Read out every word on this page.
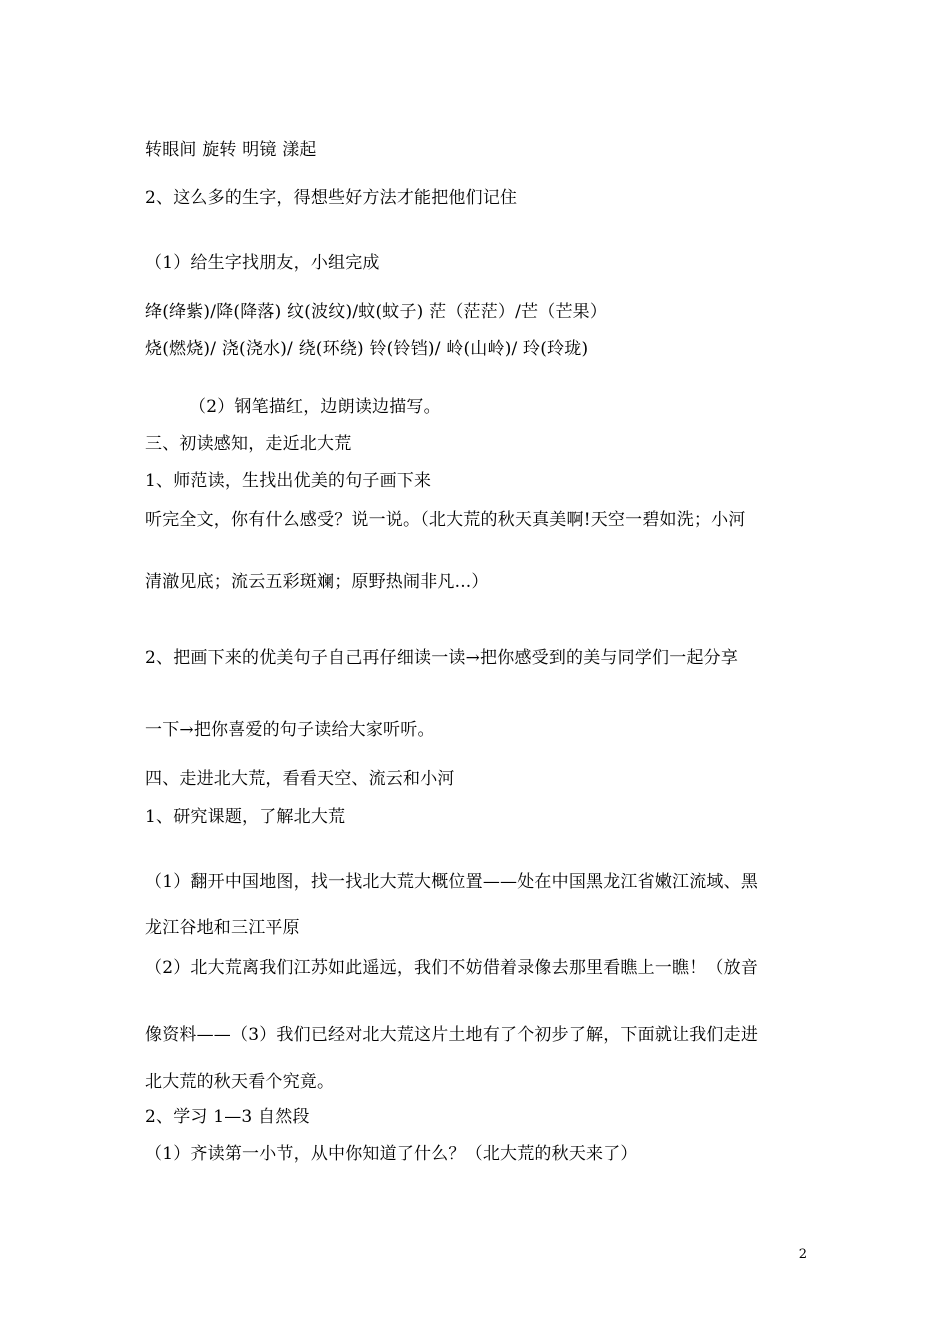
转眼间 旋转 明镜 漾起
2、这么多的生字，得想些好方法才能把他们记住
（1）给生字找朋友，小组完成
绛(绛紫)/降(降落) 纹(波纹)/蚊(蚊子) 茫（茫茫）/芒（芒果）
烧(燃烧)/ 浇(浇水)/ 绕(环绕) 铃(铃铛)/ 岭(山岭)/ 玲(玲珑)
（2）钢笔描红，边朗读边描写。
三、初读感知，走近北大荒
1、师范读，生找出优美的句子画下来
听完全文，你有什么感受？说一说。（北大荒的秋天真美啊!天空一碧如洗；小河
清澈见底；流云五彩斑斓；原野热闹非凡...）
2、把画下来的优美句子自己再仔细读一读→把你感受到的美与同学们一起分享
一下→把你喜爱的句子读给大家听听。
四、走进北大荒，看看天空、流云和小河
1、研究课题，了解北大荒
（1）翻开中国地图，找一找北大荒大概位置——处在中国黑龙江省嫩江流域、黑
龙江谷地和三江平原
（2）北大荒离我们江苏如此遥远，我们不妨借着录像去那里看瞧上一瞧！（放音
像资料——（3）我们已经对北大荒这片土地有了个初步了解，下面就让我们走进
北大荒的秋天看个究竟。
2、学习 1—3 自然段
（1）齐读第一小节，从中你知道了什么？（北大荒的秋天来了）
2
